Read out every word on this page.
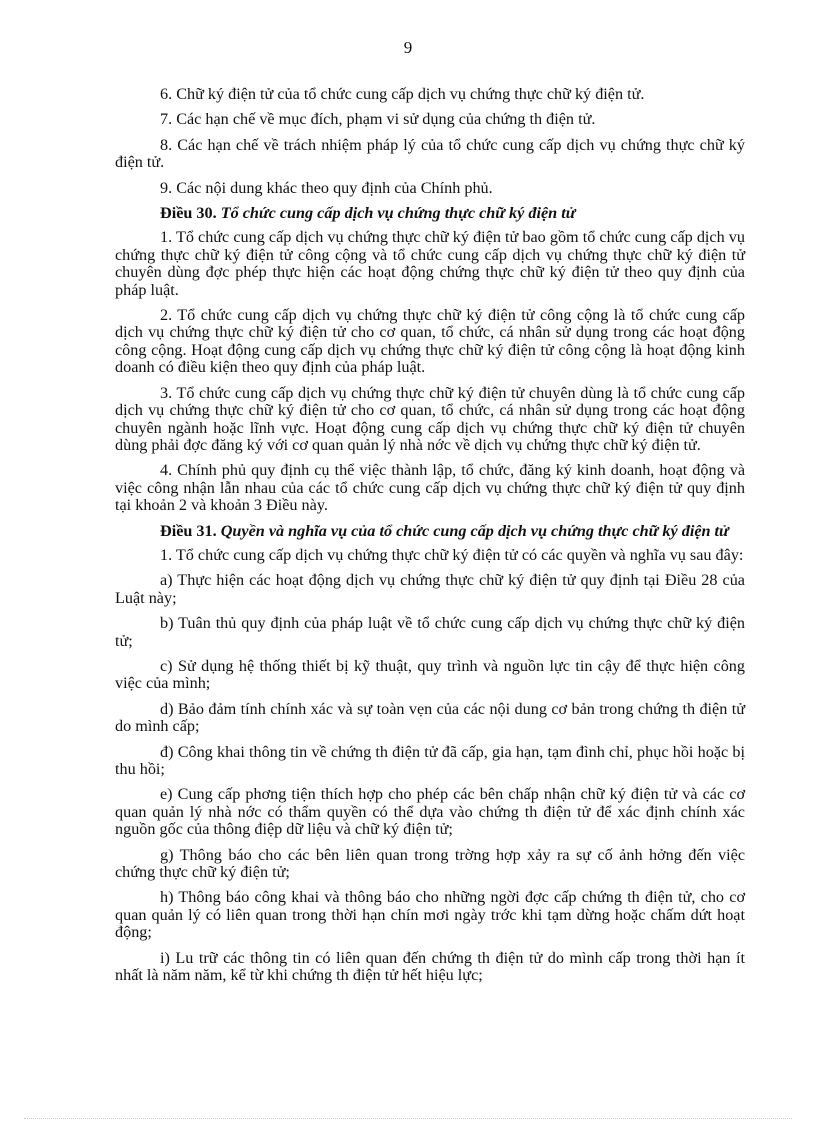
9

6. Chữ ký điện tử của tổ chức cung cấp dịch vụ chứng thực chữ ký điện tử.

7. Các hạn chế về mục đích, phạm vi sử dụng của chứng th điện tử.

8. Các hạn chế về trách nhiệm pháp lý của tổ chức cung cấp dịch vụ chứng thực chữ ký điện tử.

9. Các nội dung khác theo quy định của Chính phủ.

Điều 30. Tổ chức cung cấp dịch vụ chứng thực chữ ký điện tử

1. Tổ chức cung cấp dịch vụ chứng thực chữ ký điện tử bao gồm tổ chức cung cấp dịch vụ chứng thực chữ ký điện tử công cộng và tổ chức cung cấp dịch vụ chứng thực chữ ký điện tử chuyên dùng đợc phép thực hiện các hoạt động chứng thực chữ ký điện tử theo quy định của pháp luật.

2. Tổ chức cung cấp dịch vụ chứng thực chữ ký điện tử công cộng là tổ chức cung cấp dịch vụ chứng thực chữ ký điện tử cho cơ quan, tổ chức, cá nhân sử dụng trong các hoạt động công cộng. Hoạt động cung cấp dịch vụ chứng thực chữ ký điện tử công cộng là hoạt động kinh doanh có điều kiện theo quy định của pháp luật.

3. Tổ chức cung cấp dịch vụ chứng thực chữ ký điện tử chuyên dùng là tổ chức cung cấp dịch vụ chứng thực chữ ký điện tử cho cơ quan, tổ chức, cá nhân sử dụng trong các hoạt động chuyên ngành hoặc lĩnh vực. Hoạt động cung cấp dịch vụ chứng thực chữ ký điện tử chuyên dùng phải đợc đăng ký với cơ quan quản lý nhà nớc về dịch vụ chứng thực chữ ký điện tử.

4. Chính phủ quy định cụ thể việc thành lập, tổ chức, đăng ký kinh doanh, hoạt động và việc công nhận lẫn nhau của các tổ chức cung cấp dịch vụ chứng thực chữ ký điện tử quy định tại khoản 2 và khoản 3 Điều này.

Điều 31. Quyền và nghĩa vụ của tổ chức cung cấp dịch vụ chứng thực chữ ký điện tử

1. Tổ chức cung cấp dịch vụ chứng thực chữ ký điện tử có các quyền và nghĩa vụ sau đây:

a) Thực hiện các hoạt động dịch vụ chứng thực chữ ký điện tử quy định tại Điều 28 của Luật này;

b) Tuân thủ quy định của pháp luật về tổ chức cung cấp dịch vụ chứng thực chữ ký điện tử;

c) Sử dụng hệ thống thiết bị kỹ thuật, quy trình và nguồn lực tin cậy để thực hiện công việc của mình;

d) Bảo đảm tính chính xác và sự toàn vẹn của các nội dung cơ bản trong chứng th điện tử do mình cấp;

đ) Công khai thông tin về chứng th điện tử đã cấp, gia hạn, tạm đình chỉ, phục hồi hoặc bị thu hồi;

e) Cung cấp phơng tiện thích hợp cho phép các bên chấp nhận chữ ký điện tử và các cơ quan quản lý nhà nớc có thẩm quyền có thể dựa vào chứng th điện tử để xác định chính xác nguồn gốc của thông điệp dữ liệu và chữ ký điện tử;

g) Thông báo cho các bên liên quan trong trờng hợp xảy ra sự cố ảnh hởng đến việc chứng thực chữ ký điện tử;

h) Thông báo công khai và thông báo cho những ngời đợc cấp chứng th điện tử, cho cơ quan quản lý có liên quan trong thời hạn chín mơi ngày trớc khi tạm dừng hoặc chấm dứt hoạt động;

i) Lu trữ các thông tin có liên quan đến chứng th điện tử do mình cấp trong thời hạn ít nhất là năm năm, kể từ khi chứng th điện tử hết hiệu lực;
